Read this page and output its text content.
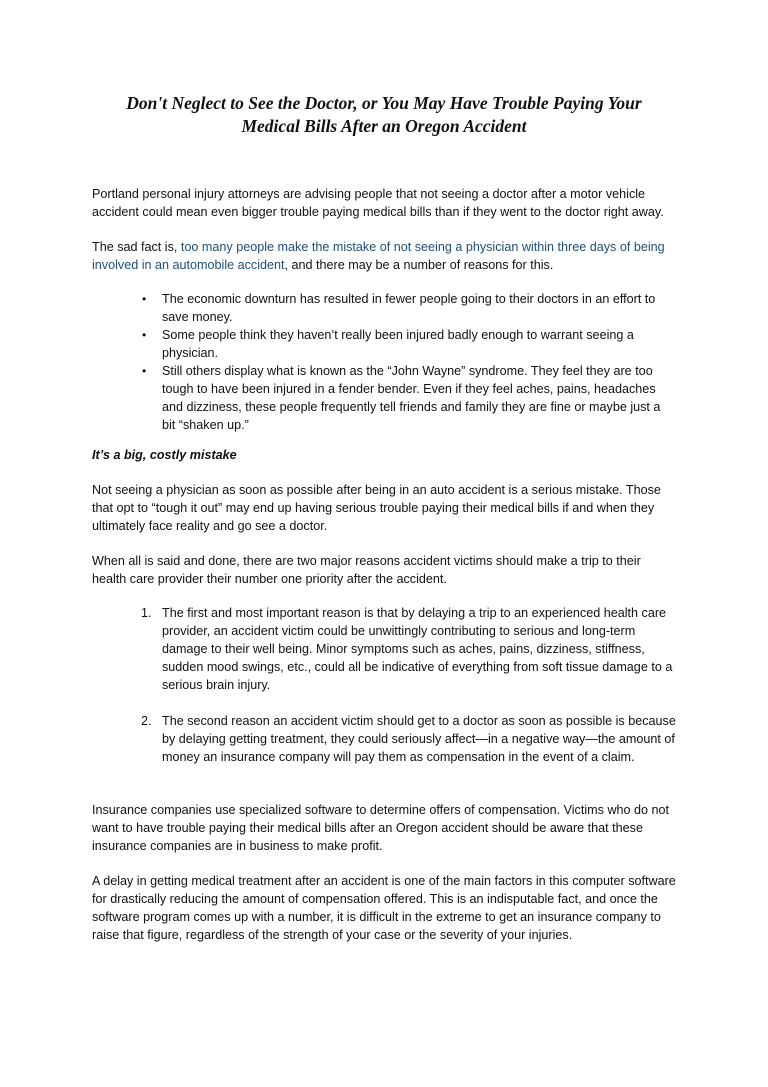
Don't Neglect to See the Doctor, or You May Have Trouble Paying Your
Medical Bills After an Oregon Accident

Portland personal injury attorneys are advising people that not seeing a doctor after a motor vehicle accident could mean even bigger trouble paying medical bills than if they went to the doctor right away.

The sad fact is, too many people make the mistake of not seeing a physician within three days of being involved in an automobile accident, and there may be a number of reasons for this.

• The economic downturn has resulted in fewer people going to their doctors in an effort to save money.
• Some people think they haven’t really been injured badly enough to warrant seeing a physician.
• Still others display what is known as the “John Wayne” syndrome. They feel they are too tough to have been injured in a fender bender. Even if they feel aches, pains, headaches and dizziness, these people frequently tell friends and family they are fine or maybe just a bit “shaken up.”
It’s a big, costly mistake

Not seeing a physician as soon as possible after being in an auto accident is a serious mistake. Those that opt to “tough it out” may end up having serious trouble paying their medical bills if and when they ultimately face reality and go see a doctor.

When all is said and done, there are two major reasons accident victims should make a trip to their health care provider their number one priority after the accident.

1. The first and most important reason is that by delaying a trip to an experienced health care provider, an accident victim could be unwittingly contributing to serious and long-term damage to their well being. Minor symptoms such as aches, pains, dizziness, stiffness, sudden mood swings, etc., could all be indicative of everything from soft tissue damage to a serious brain injury.
2. The second reason an accident victim should get to a doctor as soon as possible is because by delaying getting treatment, they could seriously affect—in a negative way—the amount of money an insurance company will pay them as compensation in the event of a claim.

Insurance companies use specialized software to determine offers of compensation. Victims who do not want to have trouble paying their medical bills after an Oregon accident should be aware that these insurance companies are in business to make profit.

A delay in getting medical treatment after an accident is one of the main factors in this computer software for drastically reducing the amount of compensation offered. This is an indisputable fact, and once the software program comes up with a number, it is difficult in the extreme to get an insurance company to raise that figure, regardless of the strength of your case or the severity of your injuries.
